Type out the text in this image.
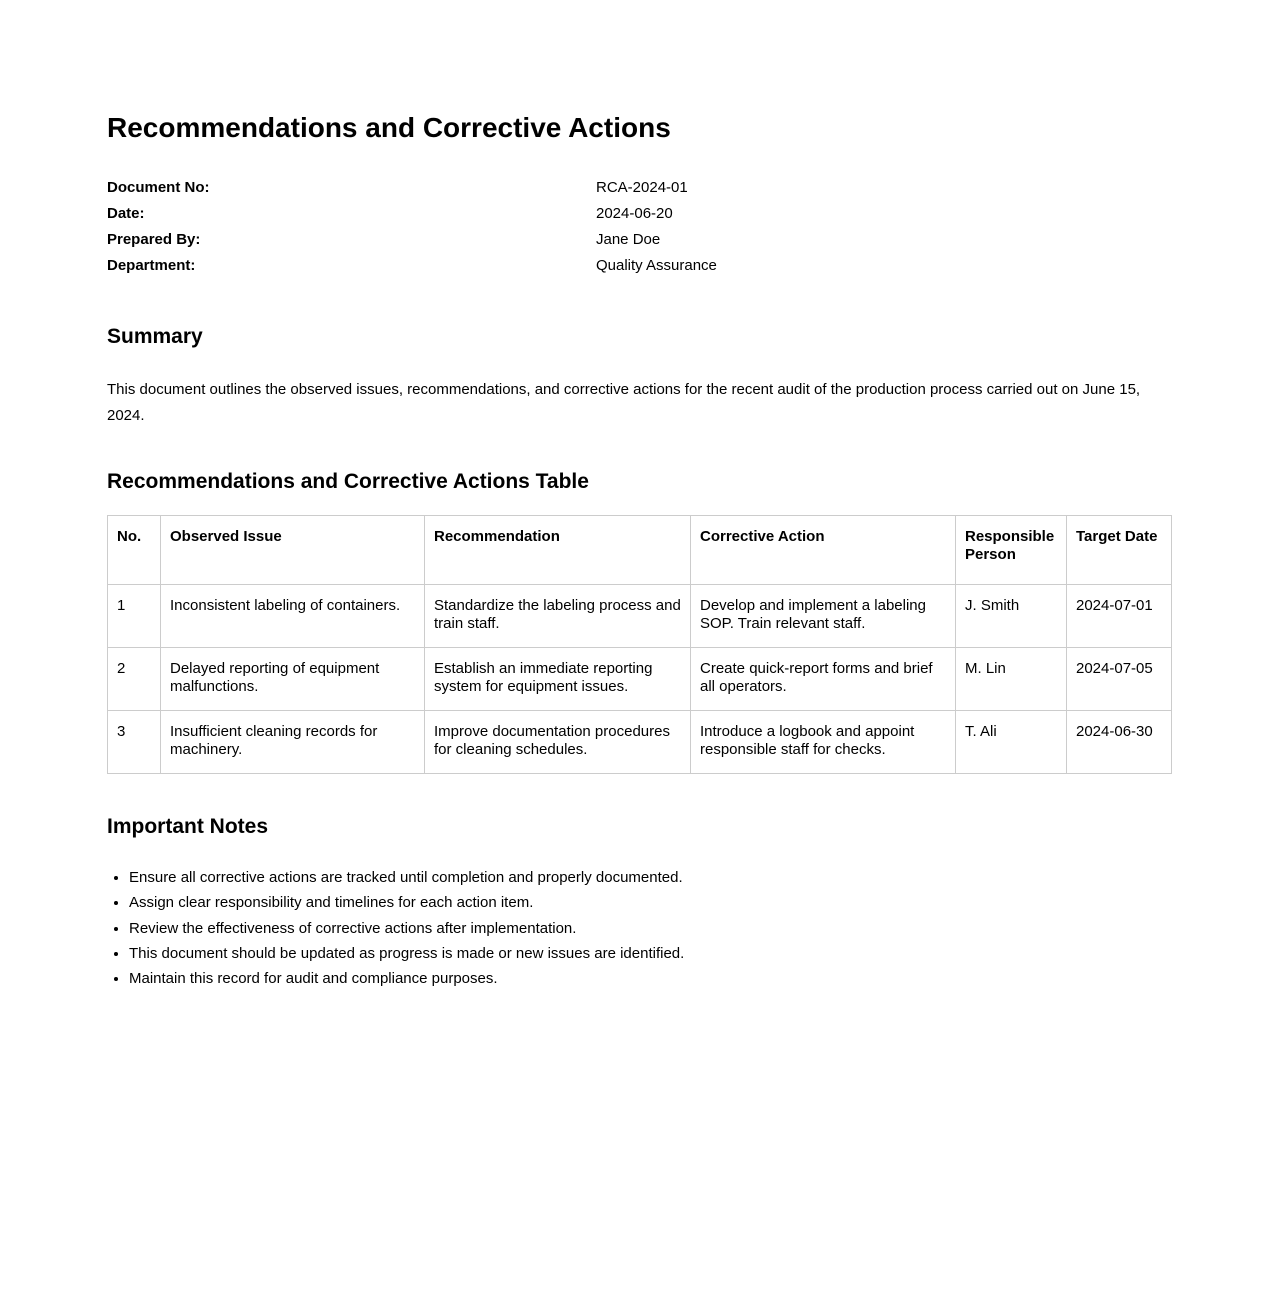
Recommendations and Corrective Actions
Document No:	RCA-2024-01
Date:	2024-06-20
Prepared By:	Jane Doe
Department:	Quality Assurance
Summary

This document outlines the observed issues, recommendations, and corrective actions for the recent audit of the production process carried out on June 15, 2024.

Recommendations and Corrective Actions Table
No.	Observed Issue	Recommendation	Corrective Action	Responsible Person	Target Date
1	Inconsistent labeling of containers.	Standardize the labeling process and train staff.	Develop and implement a labeling SOP. Train relevant staff.	J. Smith	2024-07-01
2	Delayed reporting of equipment malfunctions.	Establish an immediate reporting system for equipment issues.	Create quick-report forms and brief all operators.	M. Lin	2024-07-05
3	Insufficient cleaning records for machinery.	Improve documentation procedures for cleaning schedules.	Introduce a logbook and appoint responsible staff for checks.	T. Ali	2024-06-30
Important Notes
• Ensure all corrective actions are tracked until completion and properly documented.
• Assign clear responsibility and timelines for each action item.
• Review the effectiveness of corrective actions after implementation.
• This document should be updated as progress is made or new issues are identified.
• Maintain this record for audit and compliance purposes.
